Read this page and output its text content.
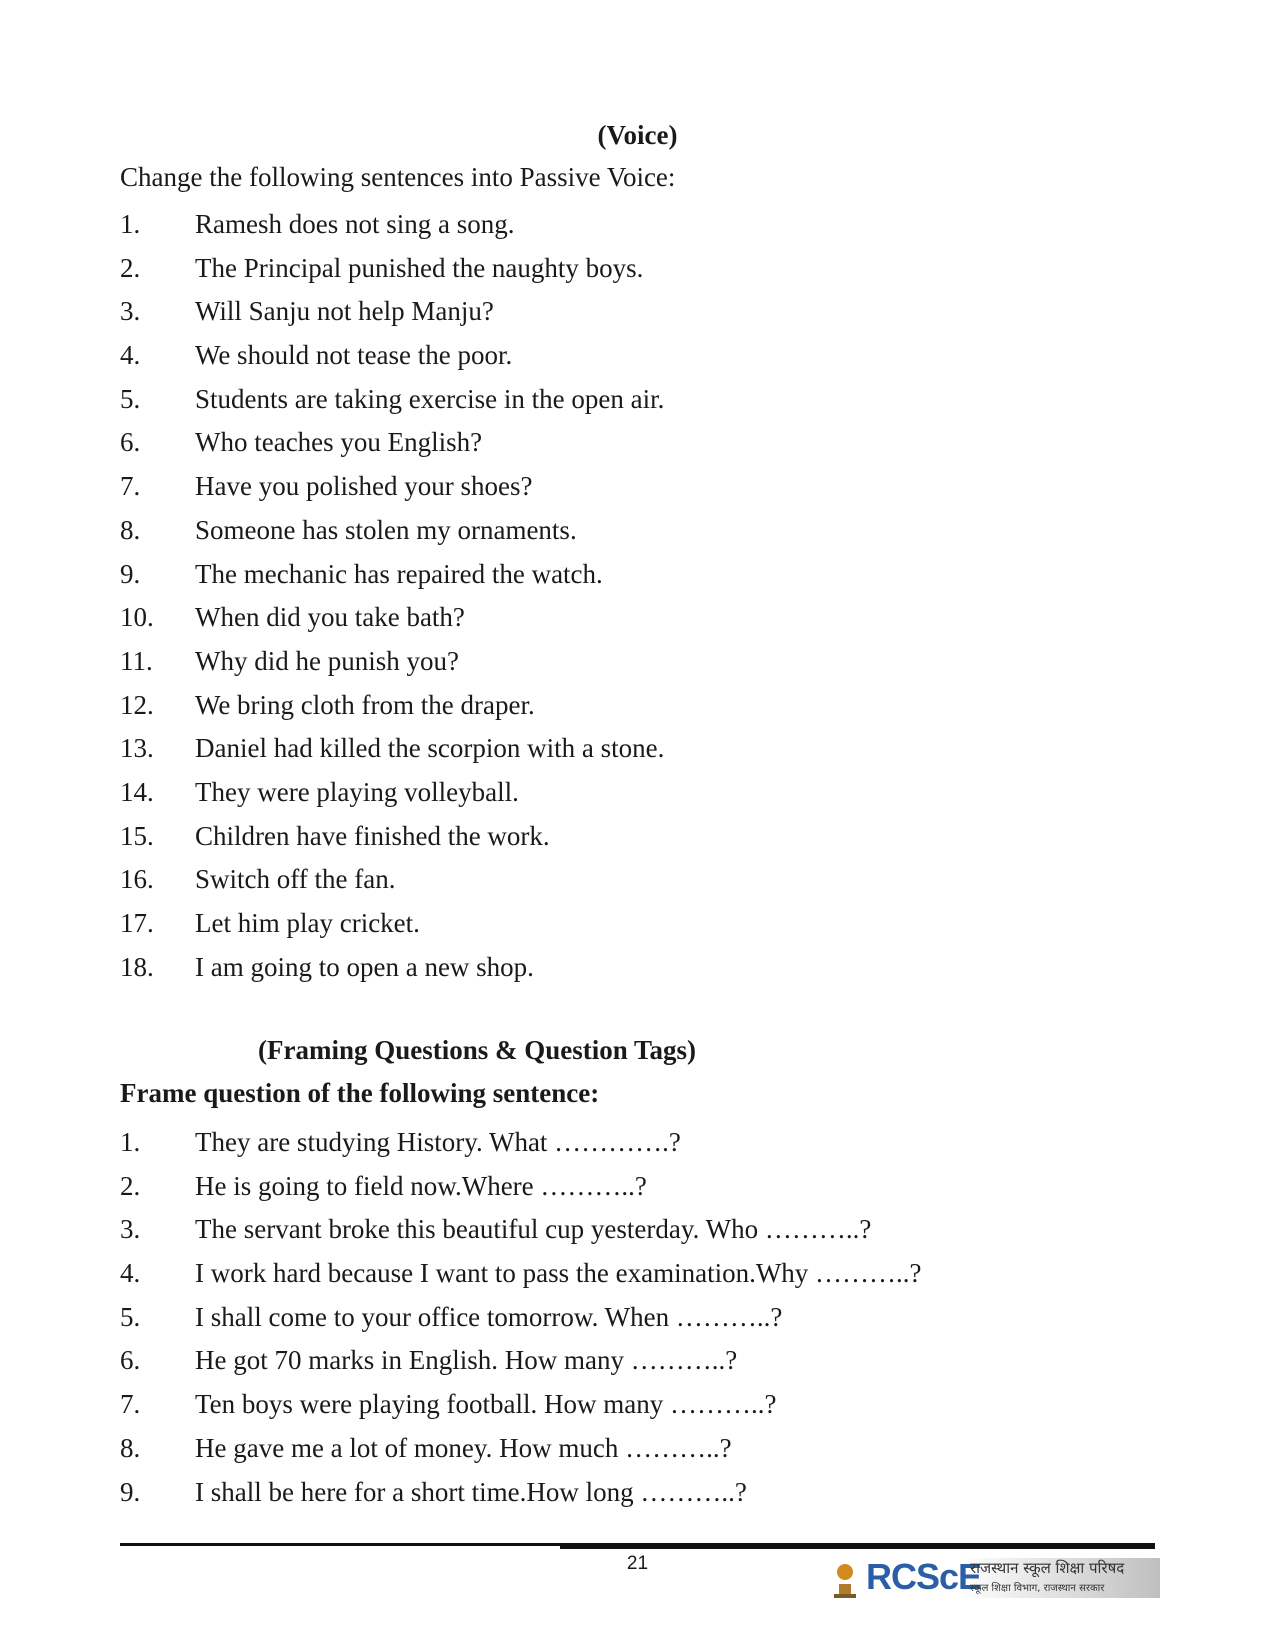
(Voice)

Change the following sentences into Passive Voice:

1. Ramesh does not sing a song.
2. The Principal punished the naughty boys.
3. Will Sanju not help Manju?
4. We should not tease the poor.
5. Students are taking exercise in the open air.
6. Who teaches you English?
7. Have you polished your shoes?
8. Someone has stolen my ornaments.
9. The mechanic has repaired the watch.
10. When did you take bath?
11. Why did he punish you?
12. We bring cloth from the draper.
13. Daniel had killed the scorpion with a stone.
14. They were playing volleyball.
15. Children have finished the work.
16. Switch off the fan.
17. Let him play cricket.
18. I am going to open a new shop.
(Framing Questions & Question Tags)

Frame question of the following sentence:

1. They are studying History. What ………….?
2. He is going to field now.Where ………..?
3. The servant broke this beautiful cup yesterday. Who ………..?
4. I work hard because I want to pass the examination.Why ………..?
5. I shall come to your office tomorrow. When ………..?
6. He got 70 marks in English. How many ………..?
7. Ten boys were playing football. How many ………..?
8. He gave me a lot of money. How much ………..?
9. I shall be here for a short time.How long ………..?
21	RCScE
राजस्थान स्कूल शिक्षा परिषद
स्कूल शिक्षा विभाग, राजस्थान सरकार
